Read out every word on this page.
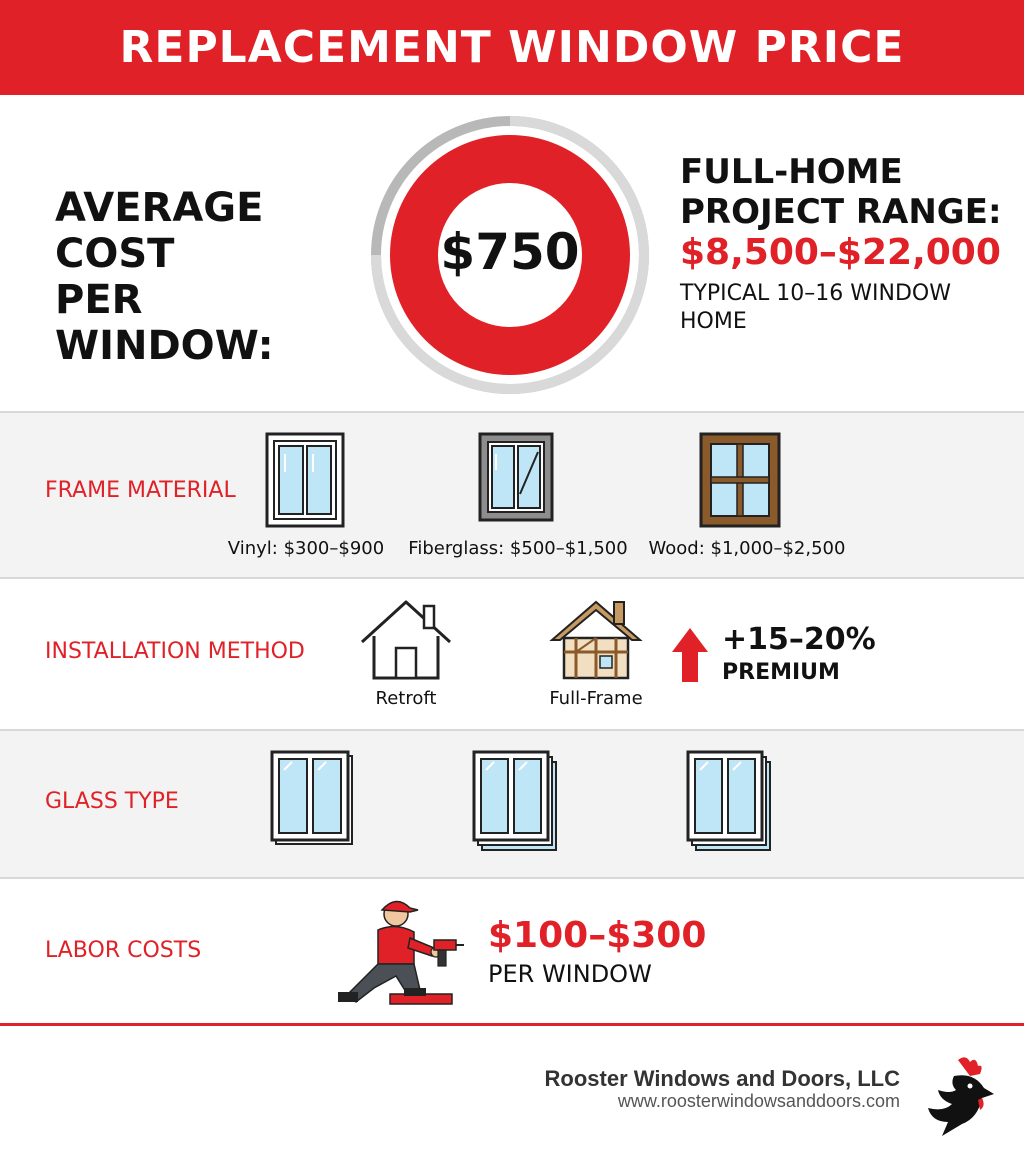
REPLACEMENT WINDOW PRICE
AVERAGE COST
PER WINDOW:
$750
FULL-HOME
PROJECT RANGE:
$8,500–$22,000
TYPICAL 10–16 WINDOW
HOME
FRAME MATERIAL
Vinyl: $300–$900	Fiberglass: $500–$1,500	Wood: $1,000–$2,500
INSTALLATION METHOD
Retroft	Full-Frame
+15–20%
PREMIUM
GLASS TYPE
LABOR COSTS	$100–$300
PER WINDOW
Rooster Windows and Doors, LLC
www.roosterwindowsanddoors.com
